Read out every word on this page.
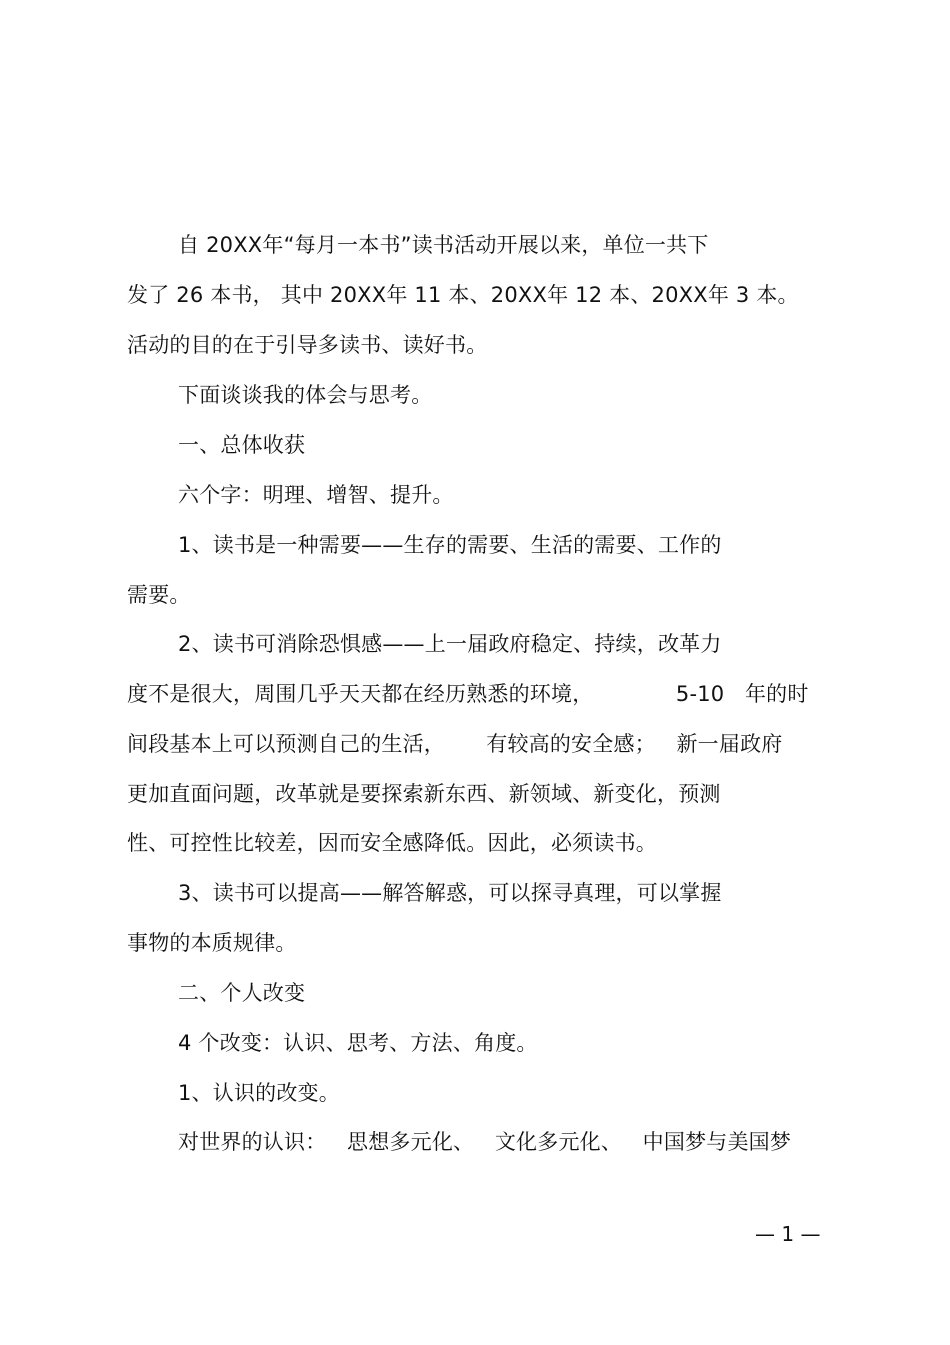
自 20XX年“每月一本书”读书活动开展以来，单位一共下
发了 26 本书， 其中 20XX年 11 本、20XX年 12 本、20XX年 3 本。
活动的目的在于引导多读书、读好书。
下面谈谈我的体会与思考。
一、总体收获
六个字：明理、增智、提升。
1、读书是一种需要——生存的需要、生活的需要、工作的
需要。
2、读书可消除恐惧感——上一届政府稳定、持续，改革力
度不是很大，周围几乎天天都在经历熟悉的环境，            5-10   年的时
间段基本上可以预测自己的生活，      有较高的安全感；   新一届政府
更加直面问题，改革就是要探索新东西、新领域、新变化，预测
性、可控性比较差，因而安全感降低。因此，必须读书。
3、读书可以提高——解答解惑，可以探寻真理，可以掌握
事物的本质规律。
二、个人改变
4 个改变：认识、思考、方法、角度。
1、认识的改变。
对世界的认识：   思想多元化、   文化多元化、   中国梦与美国梦
— 1 —
